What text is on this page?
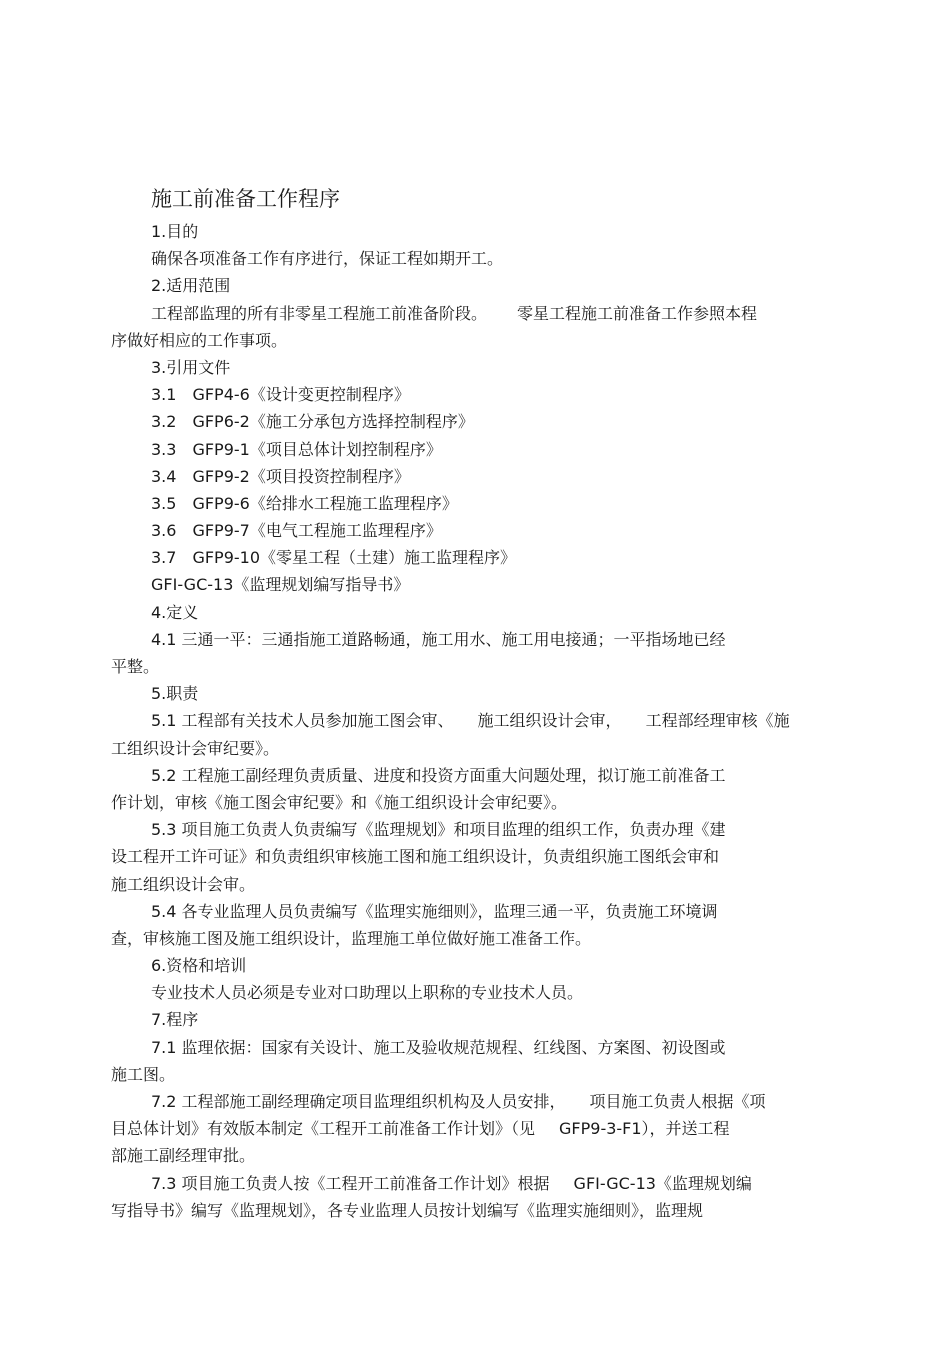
施工前准备工作程序
1.目的
确保各项准备工作有序进行，保证工程如期开工。
2.适用范围
工程部监理的所有非零星工程施工前准备阶段。 零星工程施工前准备工作参照本程
序做好相应的工作事项。
3.引用文件
3.1　GFP4-6《设计变更控制程序》
3.2　GFP6-2《施工分承包方选择控制程序》
3.3　GFP9-1《项目总体计划控制程序》
3.4　GFP9-2《项目投资控制程序》
3.5　GFP9-6《给排水工程施工监理程序》
3.6　GFP9-7《电气工程施工监理程序》
3.7　GFP9-10《零星工程（土建）施工监理程序》
GFI-GC-13《监理规划编写指导书》
4.定义
4.1 三通一平：三通指施工道路畅通，施工用水、施工用电接通；一平指场地已经
平整。
5.职责
5.1 工程部有关技术人员参加施工图会审、 施工组织设计会审， 工程部经理审核《施
工组织设计会审纪要》。
5.2 工程施工副经理负责质量、进度和投资方面重大问题处理，拟订施工前准备工
作计划，审核《施工图会审纪要》和《施工组织设计会审纪要》。
5.3 项目施工负责人负责编写《监理规划》和项目监理的组织工作，负责办理《建
设工程开工许可证》和负责组织审核施工图和施工组织设计，负责组织施工图纸会审和
施工组织设计会审。
5.4 各专业监理人员负责编写《监理实施细则》，监理三通一平，负责施工环境调
查，审核施工图及施工组织设计，监理施工单位做好施工准备工作。
6.资格和培训
专业技术人员必须是专业对口助理以上职称的专业技术人员。
7.程序
7.1 监理依据：国家有关设计、施工及验收规范规程、红线图、方案图、初设图或
施工图。
7.2 工程部施工副经理确定项目监理组织机构及人员安排， 项目施工负责人根据《项
目总体计划》有效版本制定《工程开工前准备工作计划》（见 GFP9-3-F1），并送工程
部施工副经理审批。
7.3 项目施工负责人按《工程开工前准备工作计划》根据 GFI-GC-13《监理规划编
写指导书》编写《监理规划》，各专业监理人员按计划编写《监理实施细则》，监理规
